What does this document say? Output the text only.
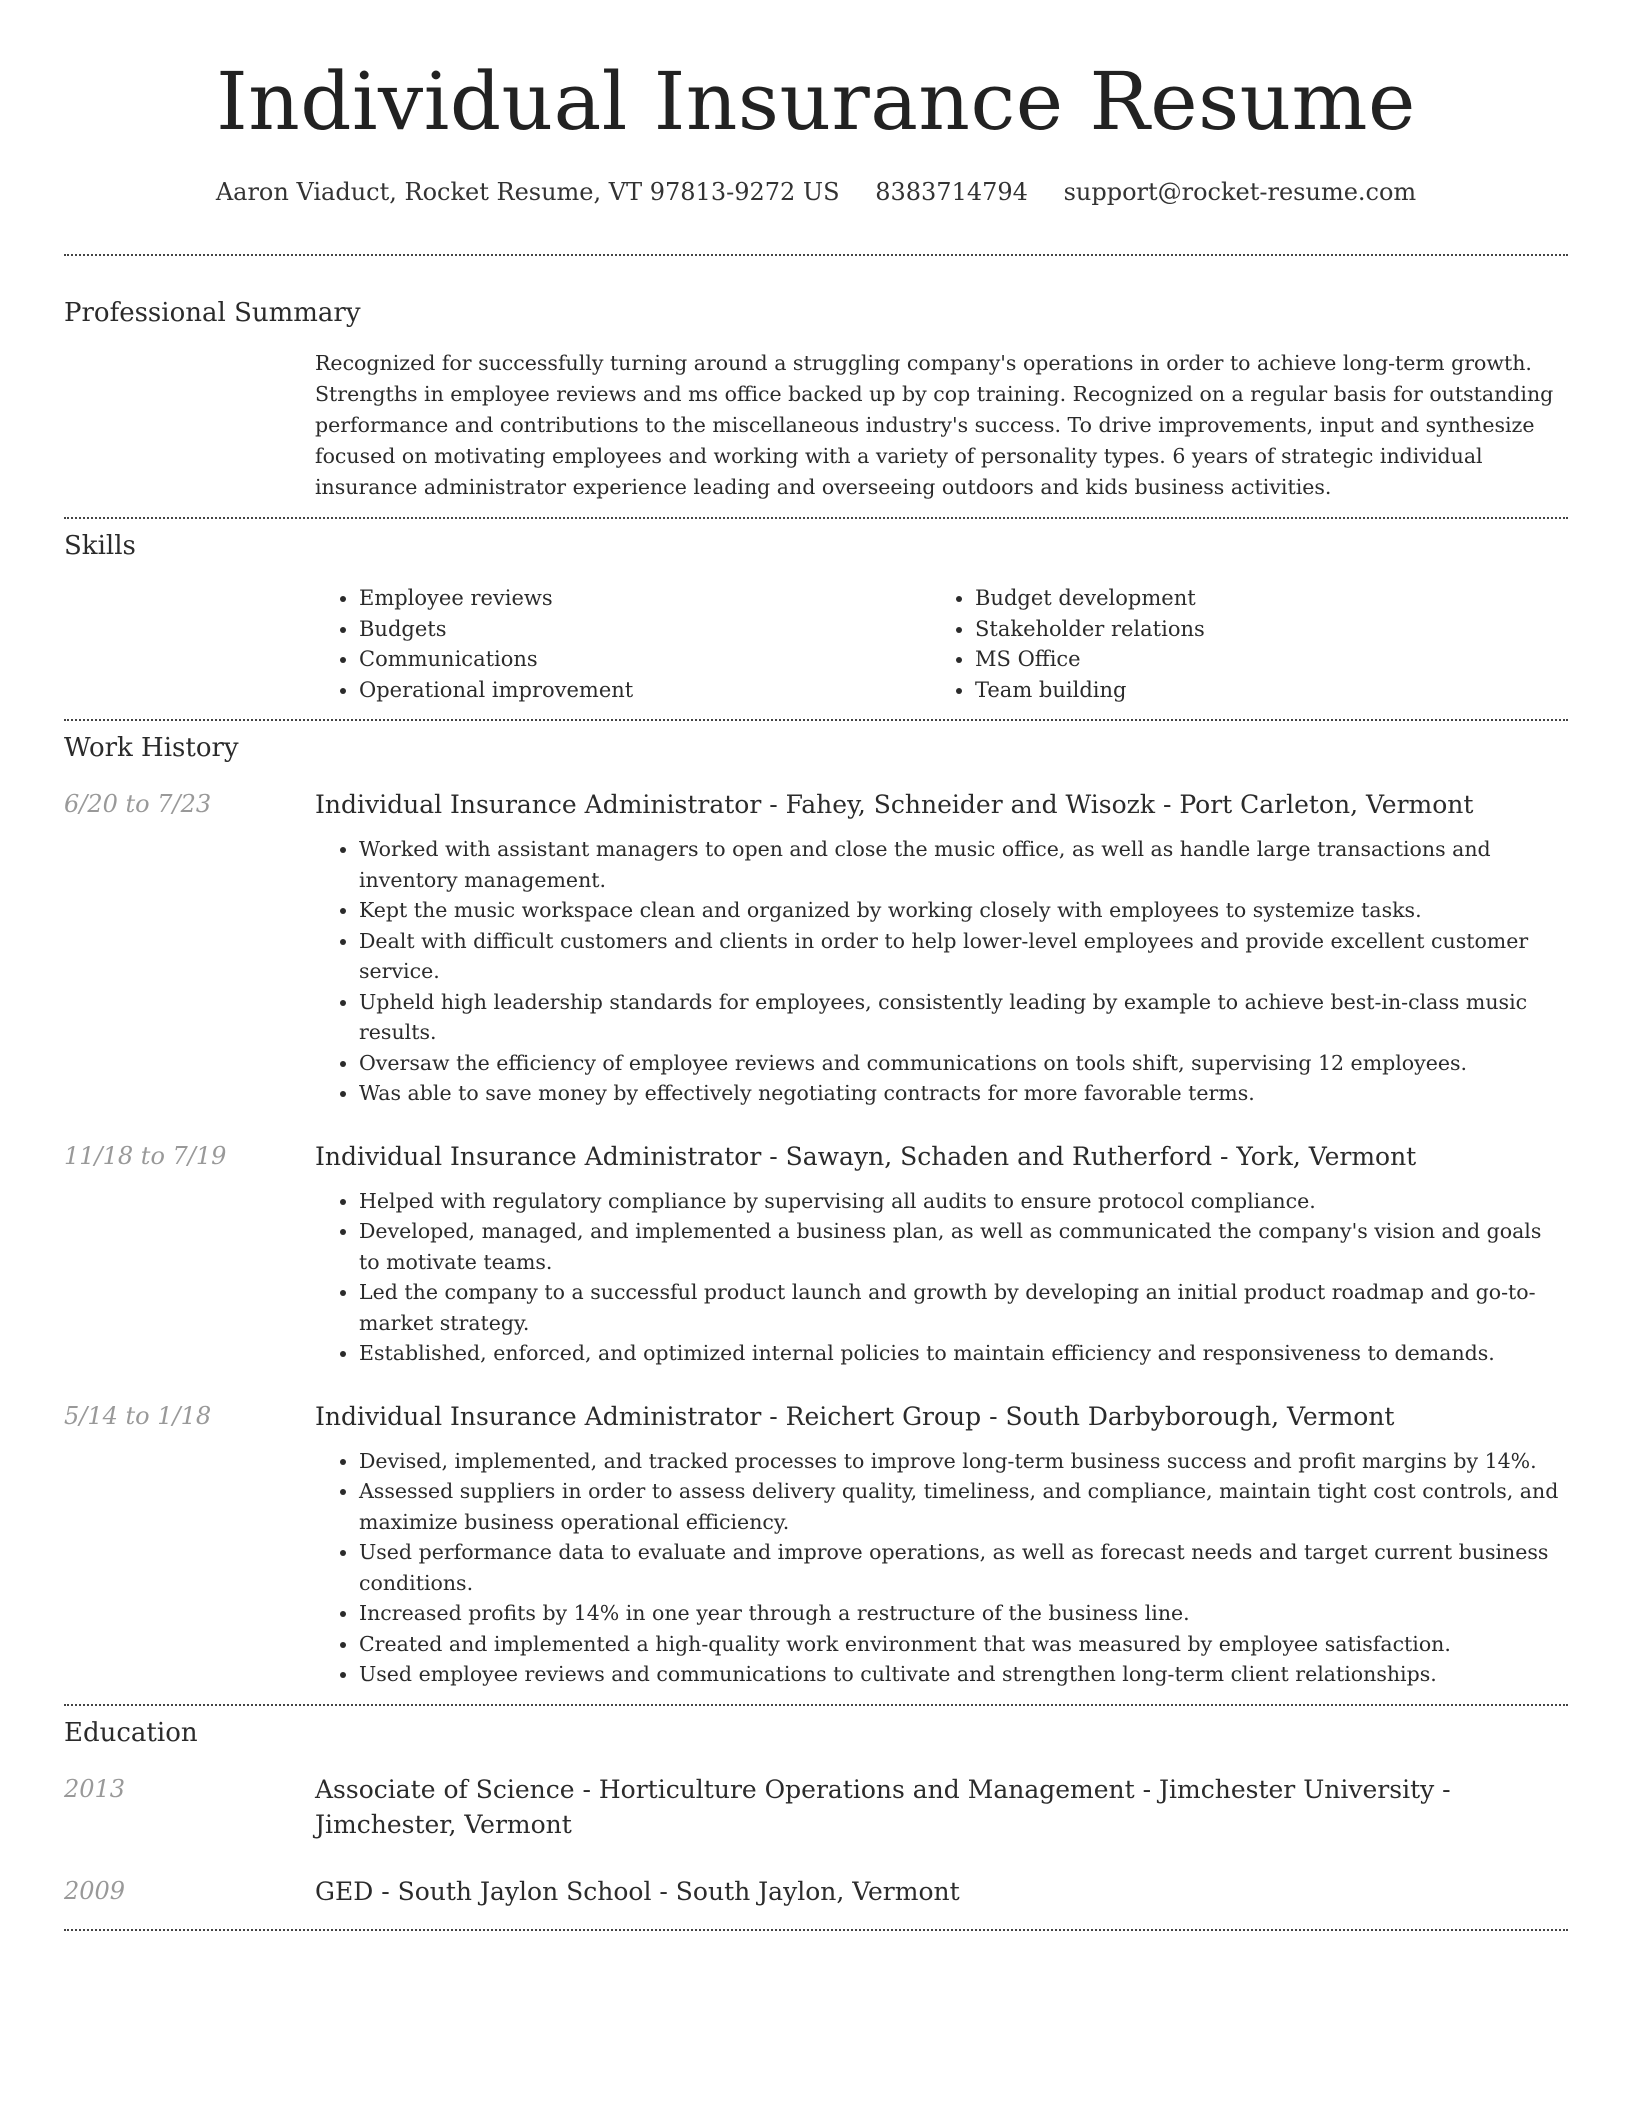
Individual Insurance Resume
Aaron Viaduct, Rocket Resume, VT 97813-9272 US 8383714794 support@rocket-resume.com
Professional Summary

Recognized for successfully turning around a struggling company's operations in order to achieve long-term growth. Strengths in employee reviews and ms office backed up by cop training. Recognized on a regular basis for outstanding performance and contributions to the miscellaneous industry's success. To drive improvements, input and synthesize focused on motivating employees and working with a variety of personality types. 6 years of strategic individual insurance administrator experience leading and overseeing outdoors and kids business activities.

Skills
• Employee reviews
• Budgets
• Communications
• Operational improvement
• Budget development
• Stakeholder relations
• MS Office
• Team building
Work History
6/20 to 7/23	Individual Insurance Administrator - Fahey, Schneider and Wisozk - Port Carleton, Vermont
• Worked with assistant managers to open and close the music office, as well as handle large transactions and inventory management.
• Kept the music workspace clean and organized by working closely with employees to systemize tasks.
• Dealt with difficult customers and clients in order to help lower-level employees and provide excellent customer service.
• Upheld high leadership standards for employees, consistently leading by example to achieve best-in-class music results.
• Oversaw the efficiency of employee reviews and communications on tools shift, supervising 12 employees.
• Was able to save money by effectively negotiating contracts for more favorable terms.
11/18 to 7/19	Individual Insurance Administrator - Sawayn, Schaden and Rutherford - York, Vermont
• Helped with regulatory compliance by supervising all audits to ensure protocol compliance.
• Developed, managed, and implemented a business plan, as well as communicated the company's vision and goals to motivate teams.
• Led the company to a successful product launch and growth by developing an initial product roadmap and go-to-market strategy.
• Established, enforced, and optimized internal policies to maintain efficiency and responsiveness to demands.
5/14 to 1/18	Individual Insurance Administrator - Reichert Group - South Darbyborough, Vermont
• Devised, implemented, and tracked processes to improve long-term business success and profit margins by 14%.
• Assessed suppliers in order to assess delivery quality, timeliness, and compliance, maintain tight cost controls, and maximize business operational efficiency.
• Used performance data to evaluate and improve operations, as well as forecast needs and target current business conditions.
• Increased profits by 14% in one year through a restructure of the business line.
• Created and implemented a high-quality work environment that was measured by employee satisfaction.
• Used employee reviews and communications to cultivate and strengthen long-term client relationships.
Education
2013	Associate of Science - Horticulture Operations and Management - Jimchester University - Jimchester, Vermont
2009	GED - South Jaylon School - South Jaylon, Vermont
